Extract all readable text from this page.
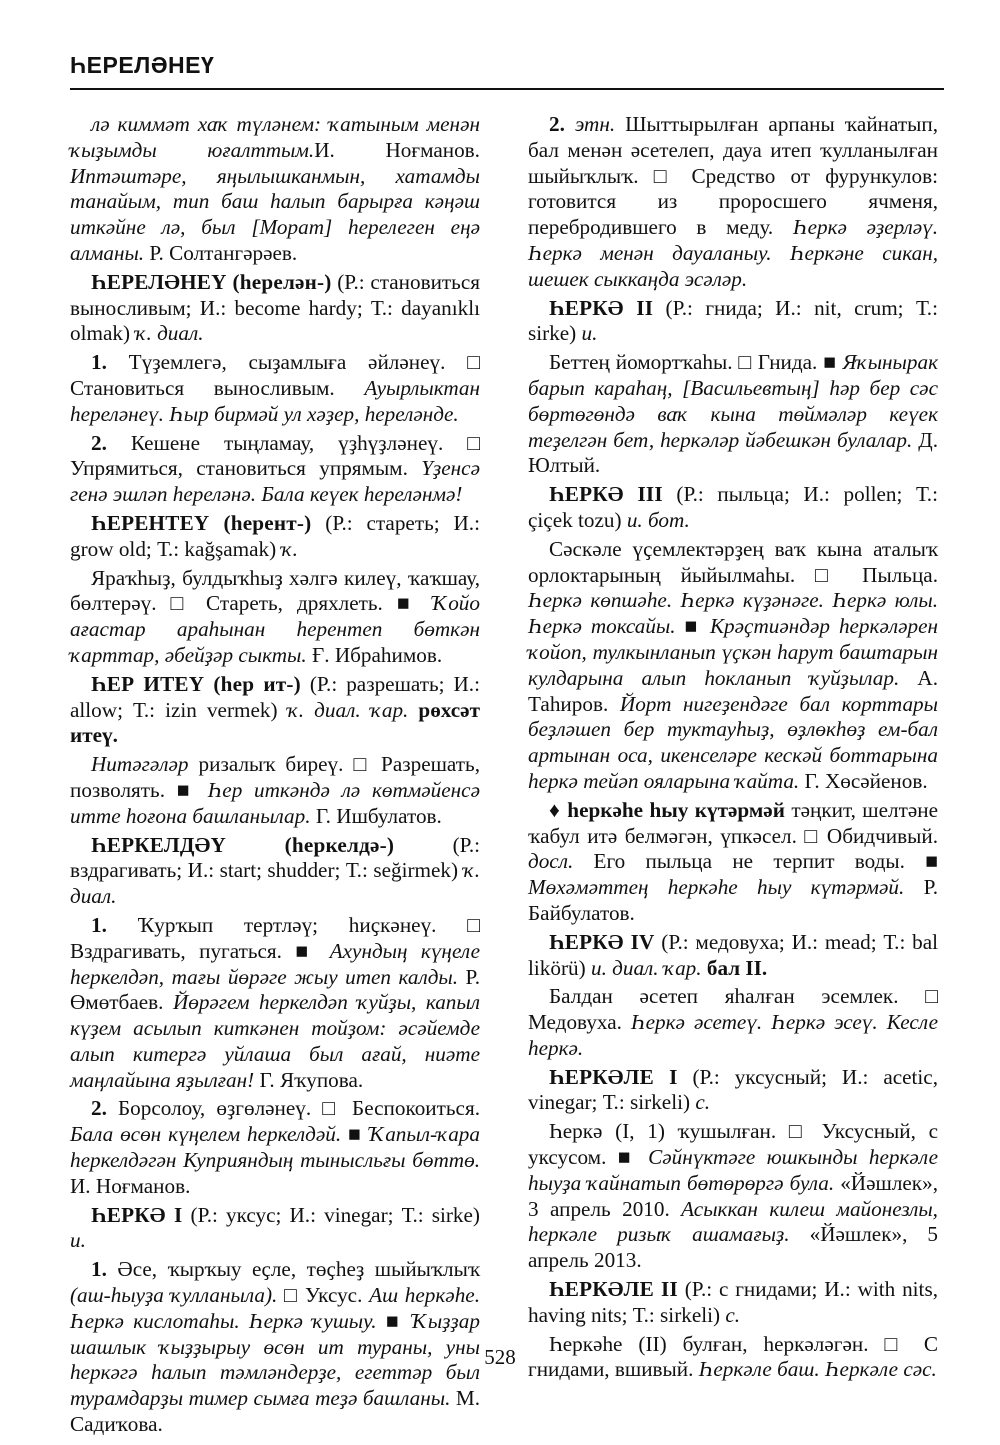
ҺЕРЕЛӘНЕҮ

лә киммәт хаҡ түләнем: ҡатыным менән ҡыҙымды юғалттым.И. Ноғманов. Иптәштәре, яңылышканмын, хатамды танайым, тип баш һалып барырға кәңәш иткәйне лә, был [Морат] һерелеген еңә алманы. Р. Солтангәрәев.

ҺЕРЕЛӘНЕҮ (һерелән-) (Р.: становиться выносливым; И.: become hardy; Т.: dayanıklı olmak) ҡ. диал.

1. Түҙемлегә, сыҙамлыға әйләнеү. □ Становиться выносливым. Ауырлыктан һереләнеү. Һыр бирмәй ул хәҙер, һереләндe.

2. Кешене тыңламау, үҙһүҙләнеү. □ Упрямиться, становиться упрямым. Үҙенсә генә эшләп һереләнә. Бала кеүек һереләнмә!

ҺЕРЕНТЕҮ (һерент-) (Р.: стареть; И.: grow old; Т.: kağşamak) ҡ.

Яраҡһыҙ, булдыҡһыҙ хәлгә килеү, ҡаҡшау, бөлтерәү. □ Стареть, дряхлеть. ■ Ҡойо ағастар араһынан һерентеп бөткән ҡарттар, әбейҙәр сыкты. Ғ. Ибраһимов.

ҺЕР ИТЕҮ (һер ит-) (Р.: разрешать; И.: allow; Т.: izin vermek) ҡ. диал. ҡар. рөхсәт итеү.

Ниməгәләр ризалыҡ биреү. □ Разрешать, позволять. ■ Һер иткәндә лә көтмәйенсә итте һоғона башланылар. Г. Ишбулатов.

ҺЕРКЕЛДӘҮ (һеркелдә-) (Р.: вздрагивать; И.: start; shudder; Т.: seğirmek) ҡ. диал.

1. Ҡурҡып тертләү; һиҫкәнеү. □ Вздрагивать, пугаться. ■ Ахундың күңеле һеркелдәп, тағы йөрәге жыу итеп калды. Р. Өмөтбаев. Йөрәгем һеркелдәп ҡуйҙы, капыл күҙем асылып киткәнен тойҙом: әсәйемде алып китергә уйлаша был ағай, ниәте маңлайына яҙылған! Г. Яҡупова.

2. Борсолоу, өҙгөләнеү. □ Беспокоиться. Бала өсөн күңелем һеркелдәй. ■ Ҡапыл-ҡара һеркелдәгән Куприяндың тынысльғы бөттө. И. Ноғманов.

ҺЕРКӘ I (Р.: уксус; И.: vinegar; Т.: sirke) и.

1. Әсе, ҡырҡыу еҫле, төҫһеҙ шыйыҡлыҡ (аш-һыуҙа ҡулланыла). □ Уксус. Аш һеркәһе. Һеркә кислотаһы. Һеркә ҡушыу. ■ Ҡыҙҙар шашлык ҡыҙҙырыу өсөн ит тураны, уны һеркәгә һалып тәмләндерҙе, егеттәр был турамдарҙы тимер сымға теҙә башланы. М. Садиҡова.

2. этн. Шыттырылған арпаны ҡайнатып, бал менән әсетелеп, дауа итеп ҡулланылған шыйыҡлыҡ. □ Средство от фурункулов: готовится из проросшего ячменя, перебродившего в меду. Һеркә әҙерләү. Һеркә менән дауаланыу. Һеркәне сикан, шешек сыккаңда эсәләр.

ҺЕРКӘ II (Р.: гнида; И.: nit, crum; Т.: sirke) и.

Беттең йомортҡаһы. □ Гнида. ■ Яҡынырак барып караһаң, [Васильевтың] һәр бер сәс бөртөгөндә ваҡ кына төймәләр кеүек теҙелгән бет, һеркәләр йәбешкән булалар. Д. Юлтый.

ҺЕРКӘ III (Р.: пыльца; И.: pollen; Т.: çiçek tozu) и. бот.

Сәскәле үҫемлектәрҙең ваҡ кына аталыҡ орлоктарының йыйылмаһы. □ Пыльца. Һеркә көпшәһе. Һеркә күҙәнәге. Һеркә юлы. Һеркә токсайы. ■ Крәҫтиәндәр һеркәләрен ҡойоп, тулкынланып үҫкән һарут баштарын кулдарына алып һокланып ҡуйҙылар. А. Таһиров. Йорт нигеҙендәге бал корттары беҙләшеп бер туктауһыҙ, өҙлөкһөҙ ем-бал артынан оса, икенселәре кескәй боттарына һеркә тейәп ояларына ҡайта. Г. Хөсәйенов.

♦ һеркәһе һыу күтәрмәй тәңкит, шелтәне ҡабул итә белмәгән, үпкәсел. □ Обидчивый. досл. Его пыльца не терпит воды. ■ Мөхәмәттең һеркәһе һыу күтәрмәй. Р. Байбулатов.

ҺЕРКӘ IV (Р.: медовуха; И.: mead; Т.: bal likörü) и. диал. ҡар. бал II.

Балдан әсетеп яһалған эсемлек. □ Медовуха. Һеркә әсетеү. Һеркә эсеү. Кесле һеркә.

ҺЕРКӘЛЕ I (Р.: уксусный; И.: acetic, vinegar; Т.: sirkeli) с.

Һеркә (I, 1) ҡушылған. □ Уксусный, с уксусом. ■ Сәйнүктәге юшкынды һеркәле һыуҙа ҡайнатып бөтөрөргә була. «Йәшлек», 3 апрель 2010. Асыккан килеш майонезлы, һеркәле ризыҡ ашамағыҙ. «Йәшлек», 5 апрель 2013.

ҺЕРКӘЛЕ II (Р.: с гнидами; И.: with nits, having nits; Т.: sirkeli) с.

Һеркәһе (II) булған, һеркәләгән. □ С гнидами, вшивый. Һеркәле баш. Һеркәле сәс.

528
